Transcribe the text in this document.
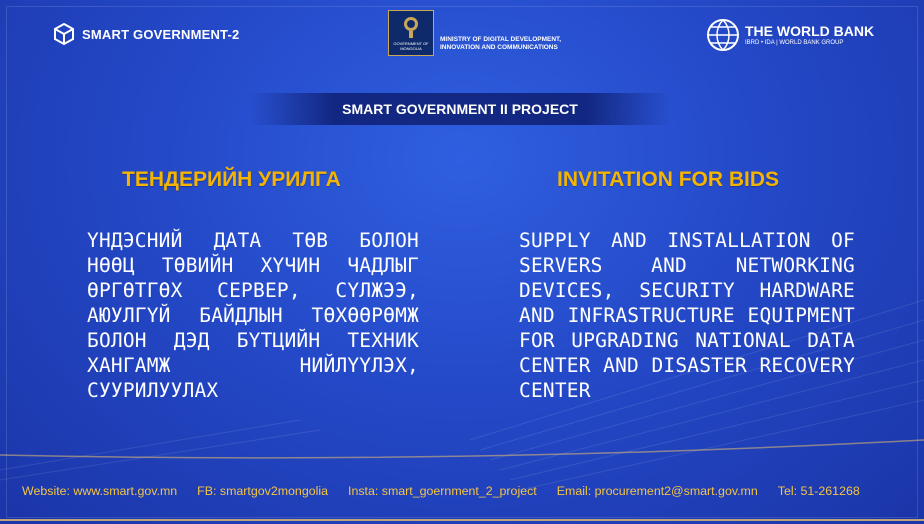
SMART GOVERNMENT-2
GOVERNMENT OF MONGOLIA
MINISTRY OF DIGITAL DEVELOPMENT,
INNOVATION AND COMMUNICATIONS
THE WORLD BANK
IBRD • IDA | WORLD BANK GROUP
SMART GOVERNMENT II PROJECT
ТЕНДЕРИЙН УРИЛГА	INVITATION FOR BIDS
ҮНДЭСНИЙ ДАТА ТӨВ БОЛОН НӨӨЦ ТӨВИЙН ХҮЧИН ЧАДЛЫГ ӨРГӨТГӨХ СЕРВЕР, СҮЛЖЭЭ, АЮУЛГҮЙ БАЙДЛЫН ТӨХӨӨРӨМЖ БОЛОН ДЭД БҮТЦИЙН ТЕХНИК ХАНГАМЖ НИЙЛҮҮЛЭХ, СУУРИЛУУЛАХ
SUPPLY AND INSTALLATION OF SERVERS AND NETWORKING DEVICES, SECURITY HARDWARE AND INFRASTRUCTURE EQUIPMENT FOR UPGRADING NATIONAL DATA CENTER AND DISASTER RECOVERY CENTER
Website: www.smart.gov.mn FB: smartgov2mongolia Insta: smart_goernment_2_project Email: procurement2@smart.gov.mn Tel: 51-261268
